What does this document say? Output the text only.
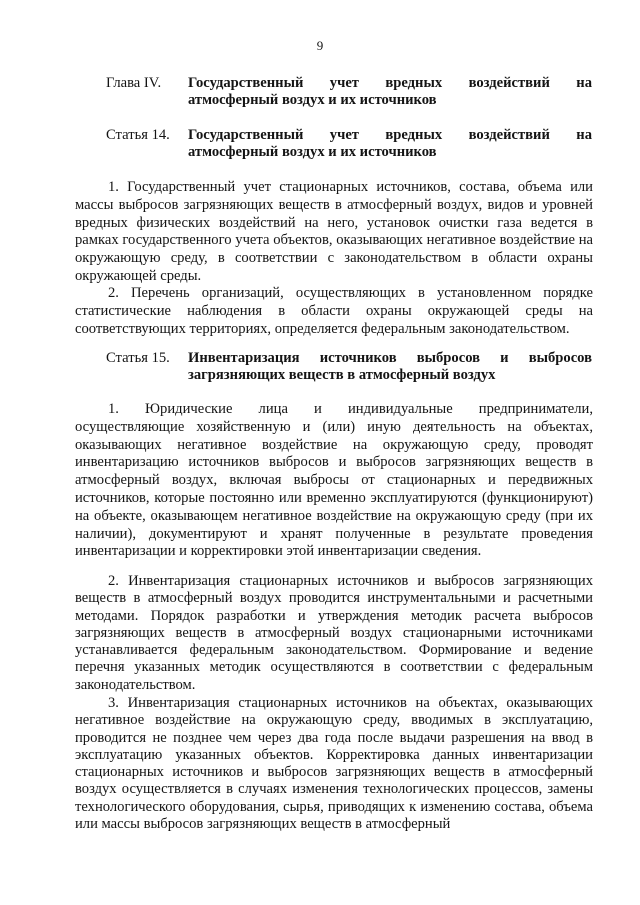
9
Глава IV.	Государственный учет вредных воздействий на атмосферный воздух и их источников
Статья 14.	Государственный учет вредных воздействий на атмосферный воздух и их источников

1. Государственный учет стационарных источников, состава, объема или массы выбросов загрязняющих веществ в атмосферный воздух, видов и уровней вредных физических воздействий на него, установок очистки газа ведется в рамках государственного учета объектов, оказывающих негативное воздействие на окружающую среду, в соответствии с законодательством в области охраны окружающей среды.

2. Перечень организаций, осуществляющих в установленном порядке статистические наблюдения в области охраны окружающей среды на соответствующих территориях, определяется федеральным законодательством.

Статья 15.	Инвентаризация источников выбросов и выбросов загрязняющих веществ в атмосферный воздух

1. Юридические лица и индивидуальные предприниматели, осуществляющие хозяйственную и (или) иную деятельность на объектах, оказывающих негативное воздействие на окружающую среду, проводят инвентаризацию источников выбросов и выбросов загрязняющих веществ в атмосферный воздух, включая выбросы от стационарных и передвижных источников, которые постоянно или временно эксплуатируются (функционируют) на объекте, оказывающем негативное воздействие на окружающую среду (при их наличии), документируют и хранят полученные в результате проведения инвентаризации и корректировки этой инвентаризации сведения.

2. Инвентаризация стационарных источников и выбросов загрязняющих веществ в атмосферный воздух проводится инструментальными и расчетными методами. Порядок разработки и утверждения методик расчета выбросов загрязняющих веществ в атмосферный воздух стационарными источниками устанавливается федеральным законодательством. Формирование и ведение перечня указанных методик осуществляются в соответствии с федеральным законодательством.

3. Инвентаризация стационарных источников на объектах, оказывающих негативное воздействие на окружающую среду, вводимых в эксплуатацию, проводится не позднее чем через два года после выдачи разрешения на ввод в эксплуатацию указанных объектов. Корректировка данных инвентаризации стационарных источников и выбросов загрязняющих веществ в атмосферный воздух осуществляется в случаях изменения технологических процессов, замены технологического оборудования, сырья, приводящих к изменению состава, объема или массы выбросов загрязняющих веществ в атмосферный
